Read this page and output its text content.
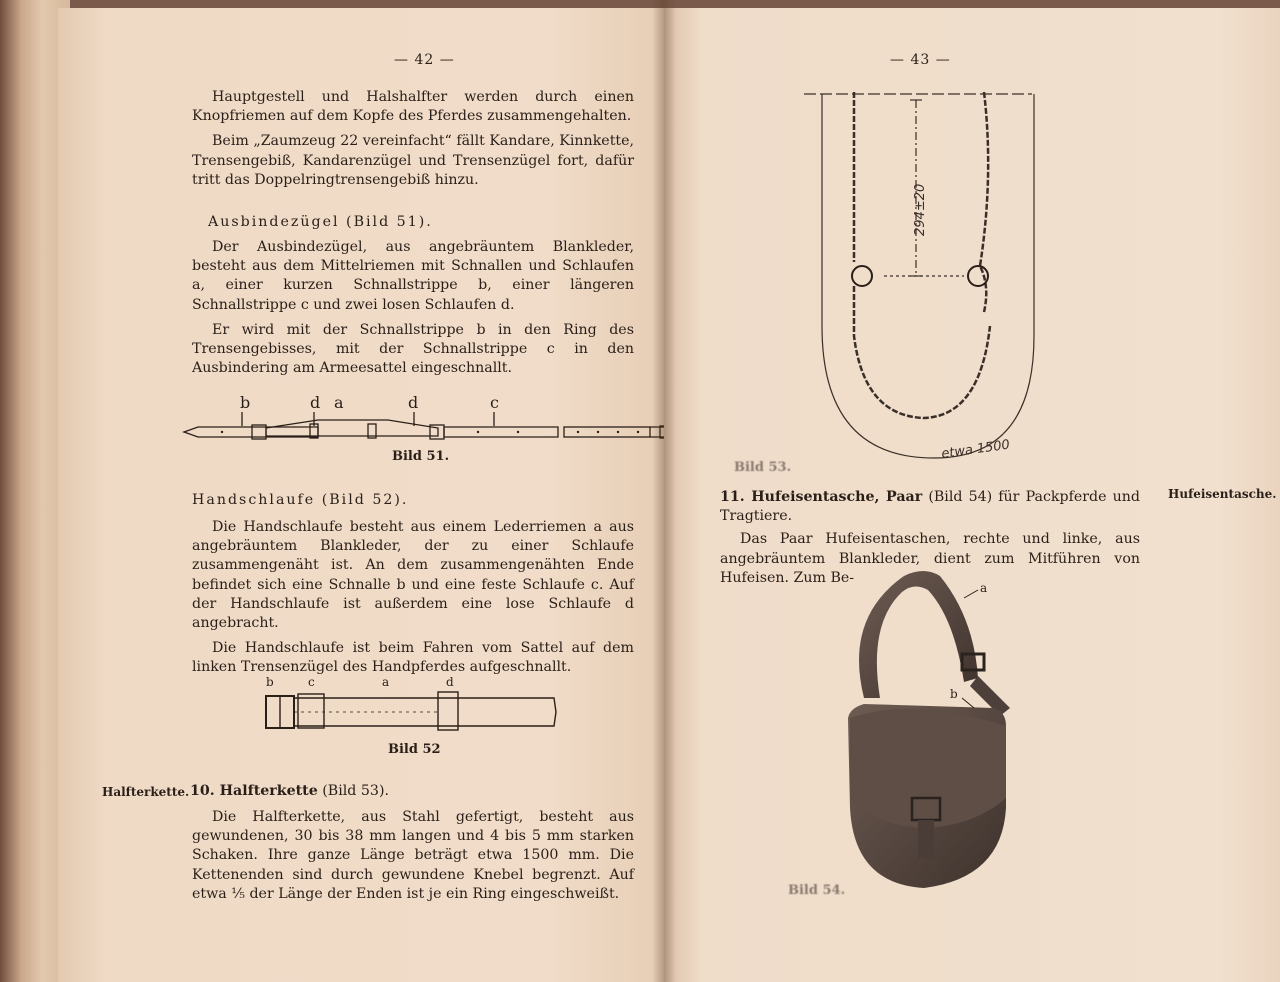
— 42 —

Hauptgestell und Halshalfter werden durch einen Knopfriemen auf dem Kopfe des Pferdes zusammengehalten.

Beim „Zaumzeug 22 vereinfacht“ fällt Kandare, Kinnkette, Trensengebiß, Kandarenzügel und Trensenzügel fort, dafür tritt das Doppelringtrensengebiß hinzu.

Ausbindezügel (Bild 51).

Der Ausbindezügel, aus angebräuntem Blankleder, besteht aus dem Mittelriemen mit Schnallen und Schlaufen a, einer kurzen Schnallstrippe b, einer längeren Schnallstrippe c und zwei losen Schlaufen d.

Er wird mit der Schnallstrippe b in den Ring des Trensengebisses, mit der Schnallstrippe c in den Ausbindering am Armeesattel eingeschnallt.

b	d a	d	c
Bild 51.
Handschlaufe (Bild 52).

Die Handschlaufe besteht aus einem Lederriemen a aus angebräuntem Blankleder, der zu einer Schlaufe zusammengenäht ist. An dem zusammengenähten Ende befindet sich eine Schnalle b und eine feste Schlaufe c. Auf der Handschlaufe ist außerdem eine lose Schlaufe d angebracht.

Die Handschlaufe ist beim Fahren vom Sattel auf dem linken Trensenzügel des Handpferdes aufgeschnallt.

b	c	a	d
Bild 52
Halfterkette. 10. Halfterkette (Bild 53).

Die Halfterkette, aus Stahl gefertigt, besteht aus gewundenen, 30 bis 38 mm langen und 4 bis 5 mm starken Schaken. Ihre ganze Länge beträgt etwa 1500 mm. Die Kettenenden sind durch gewundene Knebel begrenzt. Auf etwa ⅕ der Länge der Enden ist je ein Ring eingeschweißt.

— 43 —
294±20
etwa 1500
Bild 53.

11. Hufeisentasche, Paar (Bild 54) für Packpferde und Tragtiere.

Das Paar Hufeisentaschen, rechte und linke, aus angebräuntem Blankleder, dient zum Mitführen von Hufeisen. Zum Be-

Hufeisentasche.
a
b
Bild 54.
